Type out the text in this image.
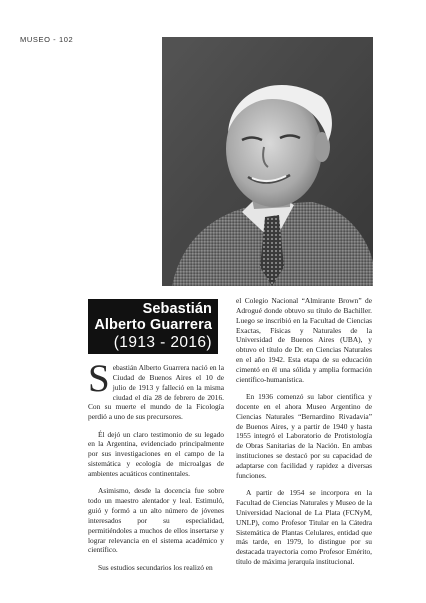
MUSEO - 102
Sebastián Alberto Guarrera
(1913 - 2016)

Sebastián Alberto Guarrera nació en la Ciudad de Buenos Aires el 10 de julio de 1913 y falleció en la misma ciudad el día 28 de febrero de 2016. Con su muerte el mundo de la Ficología perdió a uno de sus precursores.

Él dejó un claro testimonio de su legado en la Argentina, evidenciado principalmente por sus investigaciones en el campo de la sistemática y ecología de microalgas de ambientes acuáticos continentales.

Asimismo, desde la docencia fue sobre todo un maestro alentador y leal. Estimuló, guió y formó a un alto número de jóvenes interesados por su especialidad, permitiéndoles a muchos de ellos insertarse y lograr relevancia en el sistema académico y científico.

Sus estudios secundarios los realizó en

el Colegio Nacional “Almirante Brown” de Adrogué donde obtuvo su título de Bachiller. Luego se inscribió en la Facultad de Ciencias Exactas, Físicas y Naturales de la Universidad de Buenos Aires (UBA), y obtuvo el título de Dr. en Ciencias Naturales en el año 1942. Esta etapa de su educación cimentó en él una sólida y amplia formación científico-humanística.

En 1936 comenzó su labor científica y docente en el ahora Museo Argentino de Ciencias Naturales “Bernardino Rivadavia” de Buenos Aires, y a partir de 1940 y hasta 1955 integró el Laboratorio de Protistología de Obras Sanitarias de la Nación. En ambas instituciones se destacó por su capacidad de adaptarse con facilidad y rapidez a diversas funciones.

A partir de 1954 se incorpora en la Facultad de Ciencias Naturales y Museo de la Universidad Nacional de La Plata (FCNyM, UNLP), como Profesor Titular en la Cátedra Sistemática de Plantas Celulares, entidad que más tarde, en 1979, lo distingue por su destacada trayectoria como Profesor Emérito, título de máxima jerarquía institucional.
